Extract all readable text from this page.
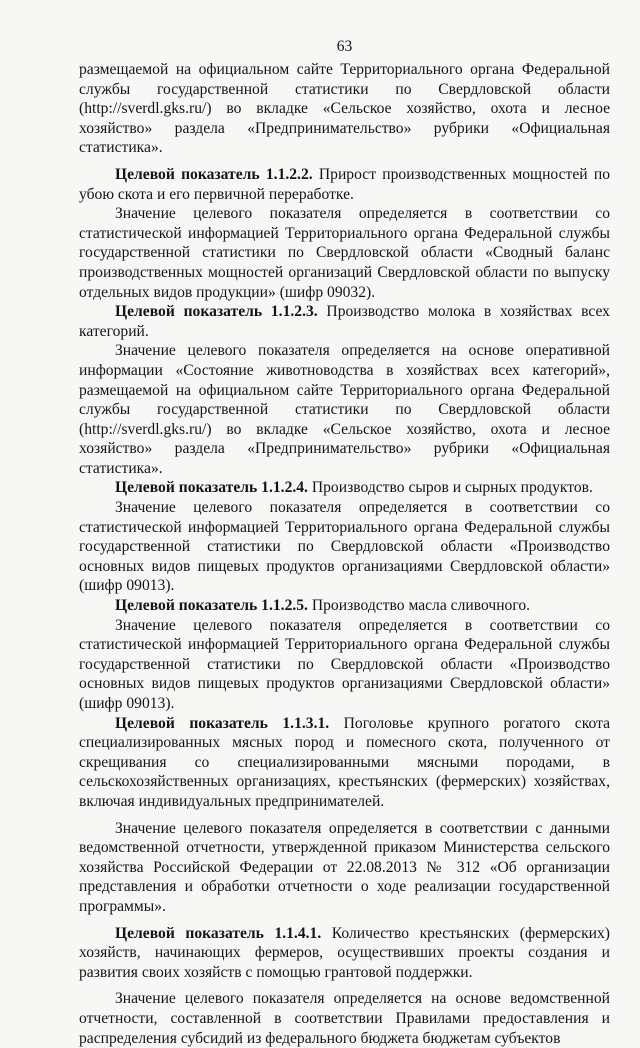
63

размещаемой на официальном сайте Территориального органа Федеральной службы государственной статистики по Свердловской области (http://sverdl.gks.ru/) во вкладке «Сельское хозяйство, охота и лесное хозяйство» раздела «Предпринимательство» рубрики «Официальная статистика».

Целевой показатель 1.1.2.2. Прирост производственных мощностей по убою скота и его первичной переработке.

Значение целевого показателя определяется в соответствии со статистической информацией Территориального органа Федеральной службы государственной статистики по Свердловской области «Сводный баланс производственных мощностей организаций Свердловской области по выпуску отдельных видов продукции» (шифр 09032).

Целевой показатель 1.1.2.3. Производство молока в хозяйствах всех категорий.

Значение целевого показателя определяется на основе оперативной информации «Состояние животноводства в хозяйствах всех категорий», размещаемой на официальном сайте Территориального органа Федеральной службы государственной статистики по Свердловской области (http://sverdl.gks.ru/) во вкладке «Сельское хозяйство, охота и лесное хозяйство» раздела «Предпринимательство» рубрики «Официальная статистика».

Целевой показатель 1.1.2.4. Производство сыров и сырных продуктов.

Значение целевого показателя определяется в соответствии со статистической информацией Территориального органа Федеральной службы государственной статистики по Свердловской области «Производство основных видов пищевых продуктов организациями Свердловской области» (шифр 09013).

Целевой показатель 1.1.2.5. Производство масла сливочного.

Значение целевого показателя определяется в соответствии со статистической информацией Территориального органа Федеральной службы государственной статистики по Свердловской области «Производство основных видов пищевых продуктов организациями Свердловской области» (шифр 09013).

Целевой показатель 1.1.3.1. Поголовье крупного рогатого скота специализированных мясных пород и помесного скота, полученного от скрещивания со специализированными мясными породами, в сельскохозяйственных организациях, крестьянских (фермерских) хозяйствах, включая индивидуальных предпринимателей.

Значение целевого показателя определяется в соответствии с данными ведомственной отчетности, утвержденной приказом Министерства сельского хозяйства Российской Федерации от 22.08.2013 № 312 «Об организации представления и обработки отчетности о ходе реализации государственной программы».

Целевой показатель 1.1.4.1. Количество крестьянских (фермерских) хозяйств, начинающих фермеров, осуществивших проекты создания и развития своих хозяйств с помощью грантовой поддержки.

Значение целевого показателя определяется на основе ведомственной отчетности, составленной в соответствии Правилами предоставления и распределения субсидий из федерального бюджета бюджетам субъектов
